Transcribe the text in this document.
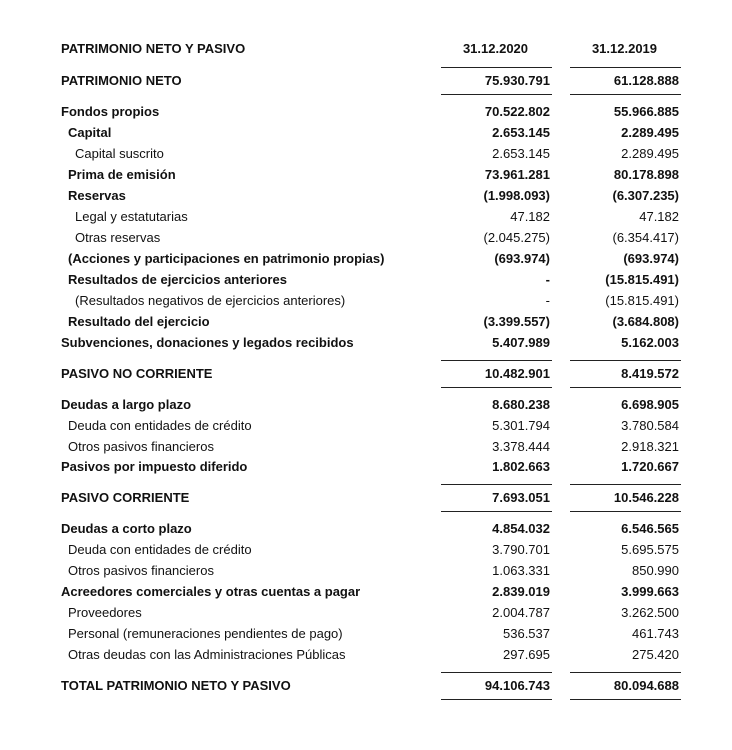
PATRIMONIO NETO Y PASIVO	31.12.2020	31.12.2019
PATRIMONIO NETO	75.930.791	61.128.888
Fondos propios	70.522.802	55.966.885
Capital	2.653.145	2.289.495
Capital suscrito	2.653.145	2.289.495
Prima de emisión	73.961.281	80.178.898
Reservas	(1.998.093)	(6.307.235)
Legal y estatutarias	47.182	47.182
Otras reservas	(2.045.275)	(6.354.417)
(Acciones y participaciones en patrimonio propias)	(693.974)	(693.974)
Resultados de ejercicios anteriores	-	(15.815.491)
(Resultados negativos de ejercicios anteriores)	-	(15.815.491)
Resultado del ejercicio	(3.399.557)	(3.684.808)
Subvenciones, donaciones y legados recibidos	5.407.989	5.162.003
PASIVO NO CORRIENTE	10.482.901	8.419.572
Deudas a largo plazo	8.680.238	6.698.905
Deuda con entidades de crédito	5.301.794	3.780.584
Otros pasivos financieros	3.378.444	2.918.321
Pasivos por impuesto diferido	1.802.663	1.720.667
PASIVO CORRIENTE	7.693.051	10.546.228
Deudas a corto plazo	4.854.032	6.546.565
Deuda con entidades de crédito	3.790.701	5.695.575
Otros pasivos financieros	1.063.331	850.990
Acreedores comerciales y otras cuentas a pagar	2.839.019	3.999.663
Proveedores	2.004.787	3.262.500
Personal (remuneraciones pendientes de pago)	536.537	461.743
Otras deudas con las Administraciones Públicas	297.695	275.420
TOTAL PATRIMONIO NETO Y PASIVO	94.106.743	80.094.688
